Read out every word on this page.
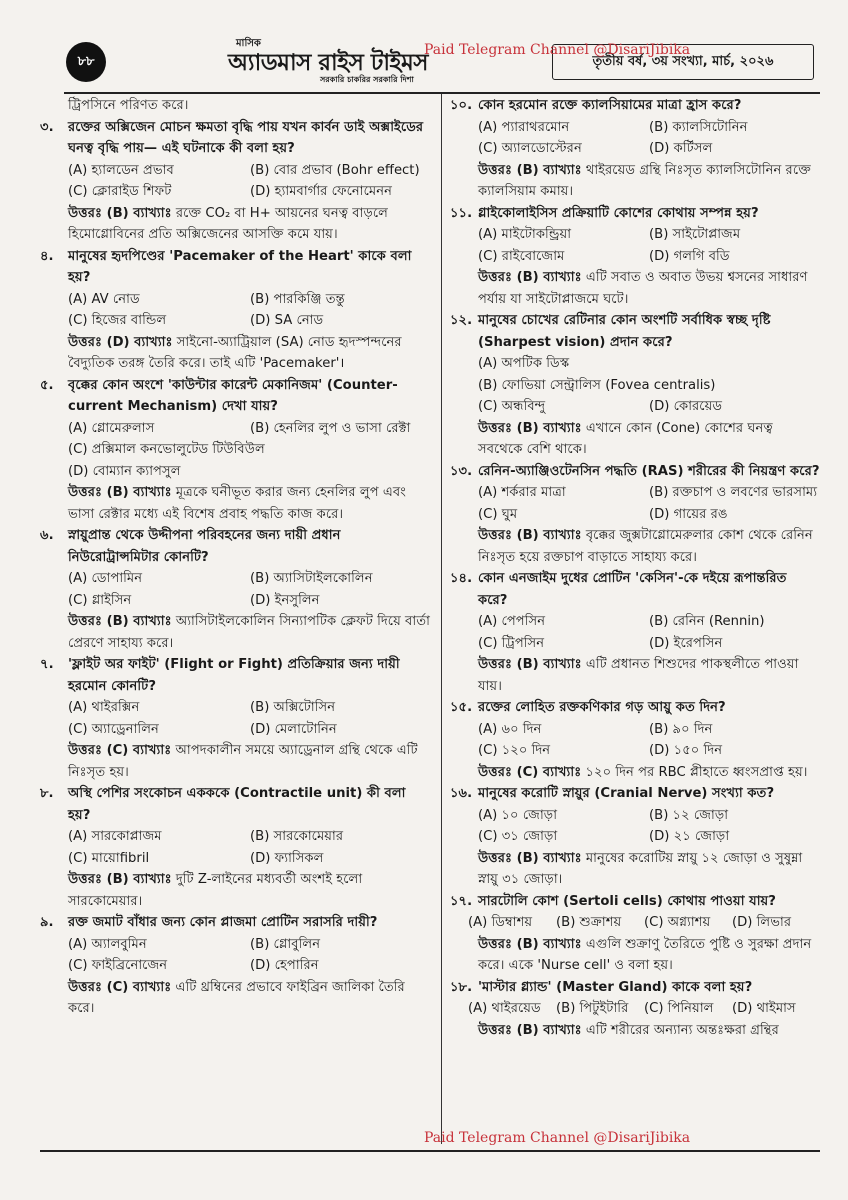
৮৮
মাসিক
অ্যাডমাস রাইস টাইমস
সরকারি চাকরির সরকারি দিশা
তৃতীয় বর্ষ, ৩য় সংখ্যা, মার্চ, ২০২৬
Paid Telegram Channel @DisariJibika
ট্রিপসিনে পরিণত করে।
৩.	রক্তের অক্সিজেন মোচন ক্ষমতা বৃদ্ধি পায় যখন কার্বন ডাই অক্সাইডের ঘনত্ব বৃদ্ধি পায়— এই ঘটনাকে কী বলা হয়?
(A) হ্যালডেন প্রভাব	(B) বোর প্রভাব (Bohr effect)
(C) ক্লোরাইড শিফট	(D) হ্যামবার্গার ফেনোমেনন
উত্তরঃ (B) ব্যাখ্যাঃ রক্তে CO₂ বা H+ আয়নের ঘনত্ব বাড়লে হিমোগ্লোবিনের প্রতি অক্সিজেনের আসক্তি কমে যায়।
৪.	মানুষের হৃদপিণ্ডের 'Pacemaker of the Heart' কাকে বলা হয়?
(A) AV নোড	(B) পারকিঞ্জি তন্তু
(C) হিজের বান্ডিল	(D) SA নোড
উত্তরঃ (D) ব্যাখ্যাঃ সাইনো-অ্যাট্রিয়াল (SA) নোড হৃদস্পন্দনের বৈদ্যুতিক তরঙ্গ তৈরি করে। তাই এটি 'Pacemaker'।
৫.	বৃক্কের কোন অংশে 'কাউন্টার কারেন্ট মেকানিজম' (Counter-current Mechanism) দেখা যায়?
(A) গ্লোমেরুলাস	(B) হেনলির লুপ ও ভাসা রেক্টা
(C) প্রক্সিমাল কনভোলুটেড টিউবিউল
(D) বোম্যান ক্যাপসুল
উত্তরঃ (B) ব্যাখ্যাঃ মূত্রকে ঘনীভূত করার জন্য হেনলির লুপ এবং ভাসা রেক্টার মধ্যে এই বিশেষ প্রবাহ পদ্ধতি কাজ করে।
৬.	স্নায়ুপ্রান্ত থেকে উদ্দীপনা পরিবহনের জন্য দায়ী প্রধান নিউরোট্রান্সমিটার কোনটি?
(A) ডোপামিন	(B) অ্যাসিটাইলকোলিন
(C) গ্লাইসিন	(D) ইনসুলিন
উত্তরঃ (B) ব্যাখ্যাঃ অ্যাসিটাইলকোলিন সিন্যাপটিক ক্লেফট দিয়ে বার্তা প্রেরণে সাহায্য করে।
৭.	'ফ্লাইট অর ফাইট' (Flight or Fight) প্রতিক্রিয়ার জন্য দায়ী হরমোন কোনটি?
(A) থাইরক্সিন	(B) অক্সিটোসিন
(C) অ্যাড্রেনালিন	(D) মেলাটোনিন
উত্তরঃ (C) ব্যাখ্যাঃ আপদকালীন সময়ে অ্যাড্রেনাল গ্রন্থি থেকে এটি নিঃসৃত হয়।
৮.	অস্থি পেশির সংকোচন একককে (Contractile unit) কী বলা হয়?
(A) সারকোপ্লাজম	(B) সারকোমেয়ার
(C) মায়োfibril	(D) ফ্যাসিকল
উত্তরঃ (B) ব্যাখ্যাঃ দুটি Z-লাইনের মধ্যবর্তী অংশই হলো সারকোমেয়ার।
৯.	রক্ত জমাট বাঁধার জন্য কোন প্লাজমা প্রোটিন সরাসরি দায়ী?
(A) অ্যালবুমিন	(B) গ্লোবুলিন
(C) ফাইব্রিনোজেন	(D) হেপারিন
উত্তরঃ (C) ব্যাখ্যাঃ এটি থ্রম্বিনের প্রভাবে ফাইব্রিন জালিকা তৈরি করে।
১০. কোন হরমোন রক্তে ক্যালসিয়ামের মাত্রা হ্রাস করে?
(A) প্যারাথরমোন	(B) ক্যালসিটোনিন
(C) অ্যালডোস্টেরন	(D) কর্টিসল
উত্তরঃ (B) ব্যাখ্যাঃ থাইরয়েড গ্রন্থি নিঃসৃত ক্যালসিটোনিন রক্তে ক্যালসিয়াম কমায়।
১১. গ্লাইকোলাইসিস প্রক্রিয়াটি কোশের কোথায় সম্পন্ন হয়?
(A) মাইটোকন্ড্রিয়া	(B) সাইটোপ্লাজম
(C) রাইবোজোম	(D) গলগি বডি
উত্তরঃ (B) ব্যাখ্যাঃ এটি সবাত ও অবাত উভয় শ্বসনের সাধারণ পর্যায় যা সাইটোপ্লাজমে ঘটে।
১২. মানুষের চোখের রেটিনার কোন অংশটি সর্বাধিক স্বচ্ছ দৃষ্টি (Sharpest vision) প্রদান করে?
(A) অপটিক ডিস্ক
(B) ফোভিয়া সেন্ট্রালিস (Fovea centralis)
(C) অন্ধবিন্দু	(D) কোরয়েড
উত্তরঃ (B) ব্যাখ্যাঃ এখানে কোন (Cone) কোশের ঘনত্ব সবথেকে বেশি থাকে।
১৩. রেনিন-অ্যাঞ্জিওটেনসিন পদ্ধতি (RAS) শরীরের কী নিয়ন্ত্রণ করে?
(A) শর্করার মাত্রা	(B) রক্তচাপ ও লবণের ভারসাম্য
(C) ঘুম	(D) গায়ের রঙ
উত্তরঃ (B) ব্যাখ্যাঃ বৃক্কের জুক্সটাগ্লোমেরুলার কোশ থেকে রেনিন নিঃসৃত হয়ে রক্তচাপ বাড়াতে সাহায্য করে।
১৪. কোন এনজাইম দুধের প্রোটিন 'কেসিন'-কে দইয়ে রূপান্তরিত করে?
(A) পেপসিন	(B) রেনিন (Rennin)
(C) ট্রিপসিন	(D) ইরেপসিন
উত্তরঃ (B) ব্যাখ্যাঃ এটি প্রধানত শিশুদের পাকস্থলীতে পাওয়া যায়।
১৫. রক্তের লোহিত রক্তকণিকার গড় আয়ু কত দিন?
(A) ৬০ দিন	(B) ৯০ দিন
(C) ১২০ দিন	(D) ১৫০ দিন
উত্তরঃ (C) ব্যাখ্যাঃ ১২০ দিন পর RBC প্লীহাতে ধ্বংসপ্রাপ্ত হয়।
১৬. মানুষের করোটি স্নায়ুর (Cranial Nerve) সংখ্যা কত?
(A) ১০ জোড়া	(B) ১২ জোড়া
(C) ৩১ জোড়া	(D) ২১ জোড়া
উত্তরঃ (B) ব্যাখ্যাঃ মানুষের করোটিয় স্নায়ু ১২ জোড়া ও সুষুম্না স্নায়ু ৩১ জোড়া।
১৭. সারটোলি কোশ (Sertoli cells) কোথায় পাওয়া যায়?
(A) ডিম্বাশয়	(B) শুক্রাশয়	(C) অগ্ন্যাশয়	(D) লিভার
উত্তরঃ (B) ব্যাখ্যাঃ এগুলি শুক্রাণু তৈরিতে পুষ্টি ও সুরক্ষা প্রদান করে। একে 'Nurse cell' ও বলা হয়।
১৮. 'মাস্টার গ্ল্যান্ড' (Master Gland) কাকে বলা হয়?
(A) থাইরয়েড	(B) পিটুইটারি	(C) পিনিয়াল	(D) থাইমাস
উত্তরঃ (B) ব্যাখ্যাঃ এটি শরীরের অন্যান্য অন্তঃক্ষরা গ্রন্থির
Paid Telegram Channel @DisariJibika
